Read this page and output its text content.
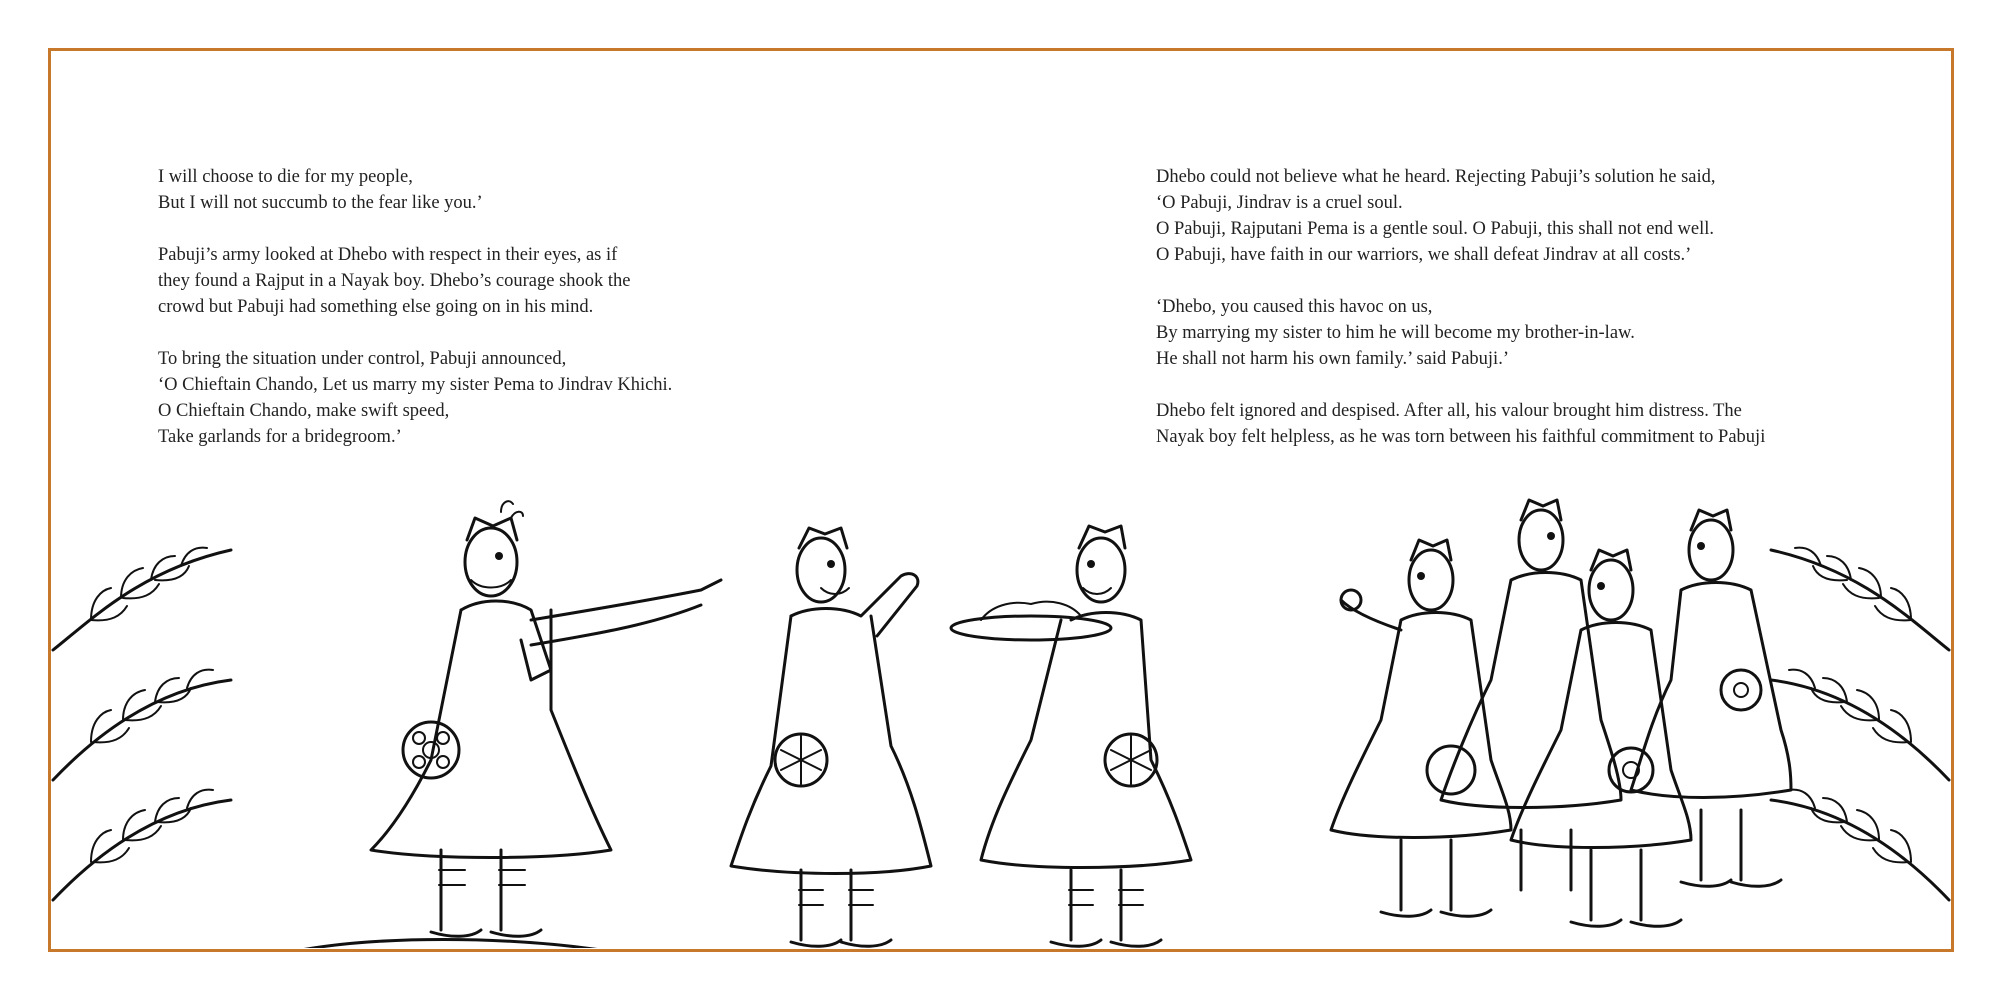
I will choose to die for my people,
But I will not succumb to the fear like you.’
Pabuji’s army looked at Dhebo with respect in their eyes, as if
they found a Rajput in a Nayak boy. Dhebo’s courage shook the
crowd but Pabuji had something else going on in his mind.
To bring the situation under control, Pabuji announced,
‘O Chieftain Chando, Let us marry my sister Pema to Jindrav Khichi.
O Chieftain Chando, make swift speed,
Take garlands for a bridegroom.’
Dhebo could not believe what he heard. Rejecting Pabuji’s solution he said,
‘O Pabuji, Jindrav is a cruel soul.
O Pabuji, Rajputani Pema is a gentle soul. O Pabuji, this shall not end well.
O Pabuji, have faith in our warriors, we shall defeat Jindrav at all costs.’
‘Dhebo, you caused this havoc on us,
By marrying my sister to him he will become my brother-in-law.
He shall not harm his own family.’ said Pabuji.’
Dhebo felt ignored and despised. After all, his valour brought him distress. The
Nayak boy felt helpless, as he was torn between his faithful commitment to Pabuji
